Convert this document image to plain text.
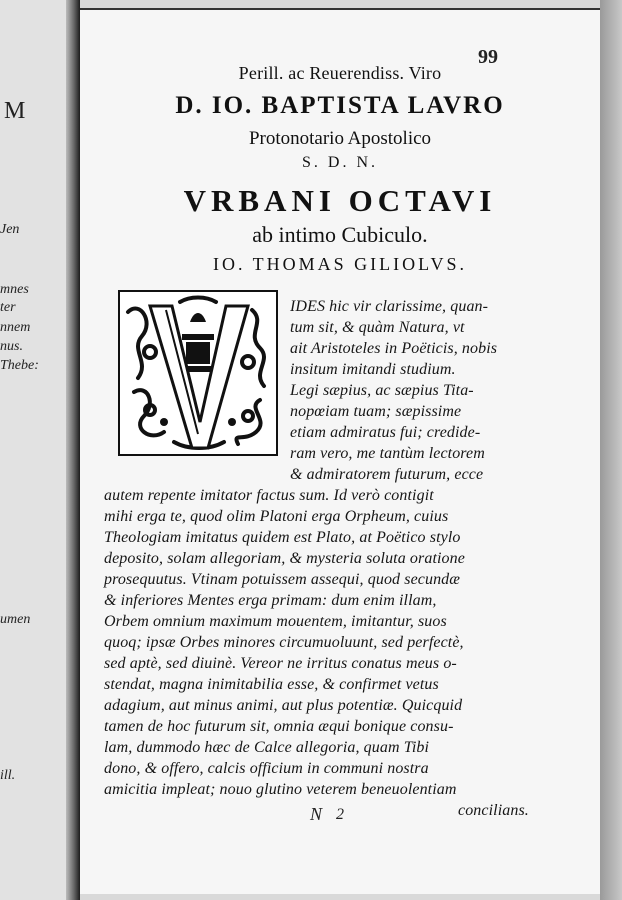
M
Jen
mnes
ter
nnem
nus.
Thebe:
umen
ill.
99
Perill. ac Reuerendiss. Viro
D. IO. BAPTISTA LAVRO
Protonotario Apostolico
S. D. N.
VRBANI OCTAVI
ab intimo Cubiculo.
IO. THOMAS GILIOLVS.
IDES hic vir clarissime, quan-
tum sit, & quàm Natura, vt
ait Aristoteles in Poëticis, nobis
insitum imitandi studium.
Legi sæpius, ac sæpius Tita-
nopœiam tuam; sæpissime
etiam admiratus fui; credide-
ram vero, me tantùm lectorem
& admiratorem futurum, ecce
autem repente imitator factus sum. Id verò contigit
mihi erga te, quod olim Platoni erga Orpheum, cuius
Theologiam imitatus quidem est Plato, at Poëtico stylo
deposito, solam allegoriam, & mysteria soluta oratione
prosequutus. Vtinam potuissem assequi, quod secundæ
& inferiores Mentes erga primam: dum enim illam,
Orbem omnium maximum mouentem, imitantur, suos
quoq; ipsæ Orbes minores circumuoluunt, sed perfectè,
sed aptè, sed diuinè. Vereor ne irritus conatus meus o-
stendat, magna inimitabilia esse, & confirmet vetus
adagium, aut minus animi, aut plus potentiæ. Quicquid
tamen de hoc futurum sit, omnia æqui bonique consu-
lam, dummodo hæc de Calce allegoria, quam Tibi
dono, & offero, calcis officium in communi nostra
amicitia impleat; nouo glutino veterem beneuolentiam
concilians.
N 2
